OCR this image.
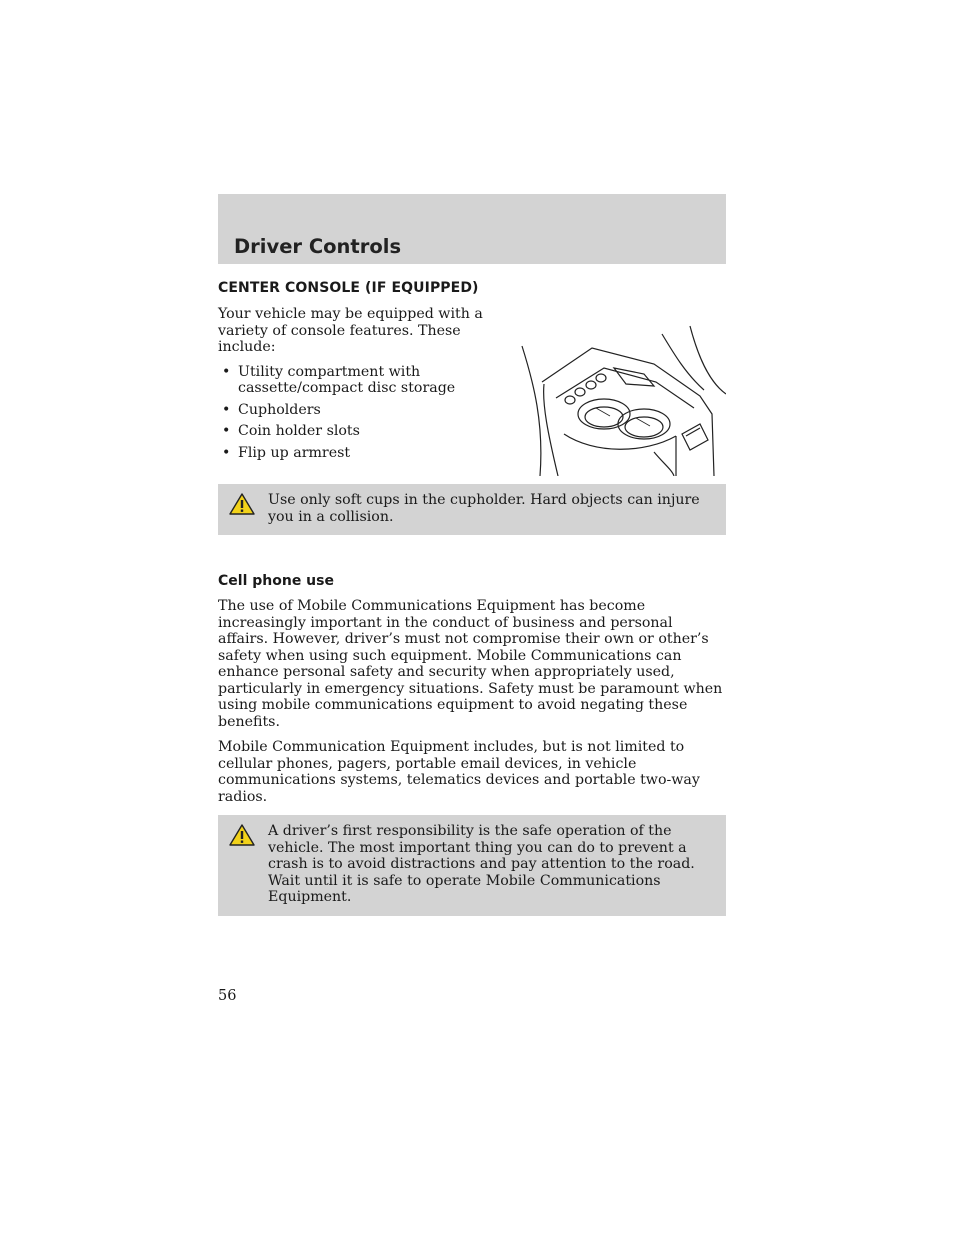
Driver Controls
CENTER CONSOLE (IF EQUIPPED)

Your vehicle may be equipped with a variety of console features. These include:

• Utility compartment with cassette/compact disc storage
• Cupholders
• Coin holder slots
• Flip up armrest

Use only soft cups in the cupholder. Hard objects can injure you in a collision.

Cell phone use

The use of Mobile Communications Equipment has become increasingly important in the conduct of business and personal affairs. However, driver’s must not compromise their own or other’s safety when using such equipment. Mobile Communications can enhance personal safety and security when appropriately used, particularly in emergency situations. Safety must be paramount when using mobile communications equipment to avoid negating these benefits.

Mobile Communication Equipment includes, but is not limited to cellular phones, pagers, portable email devices, in vehicle communications systems, telematics devices and portable two-way radios.

A driver’s first responsibility is the safe operation of the vehicle. The most important thing you can do to prevent a crash is to avoid distractions and pay attention to the road. Wait until it is safe to operate Mobile Communications Equipment.

56
